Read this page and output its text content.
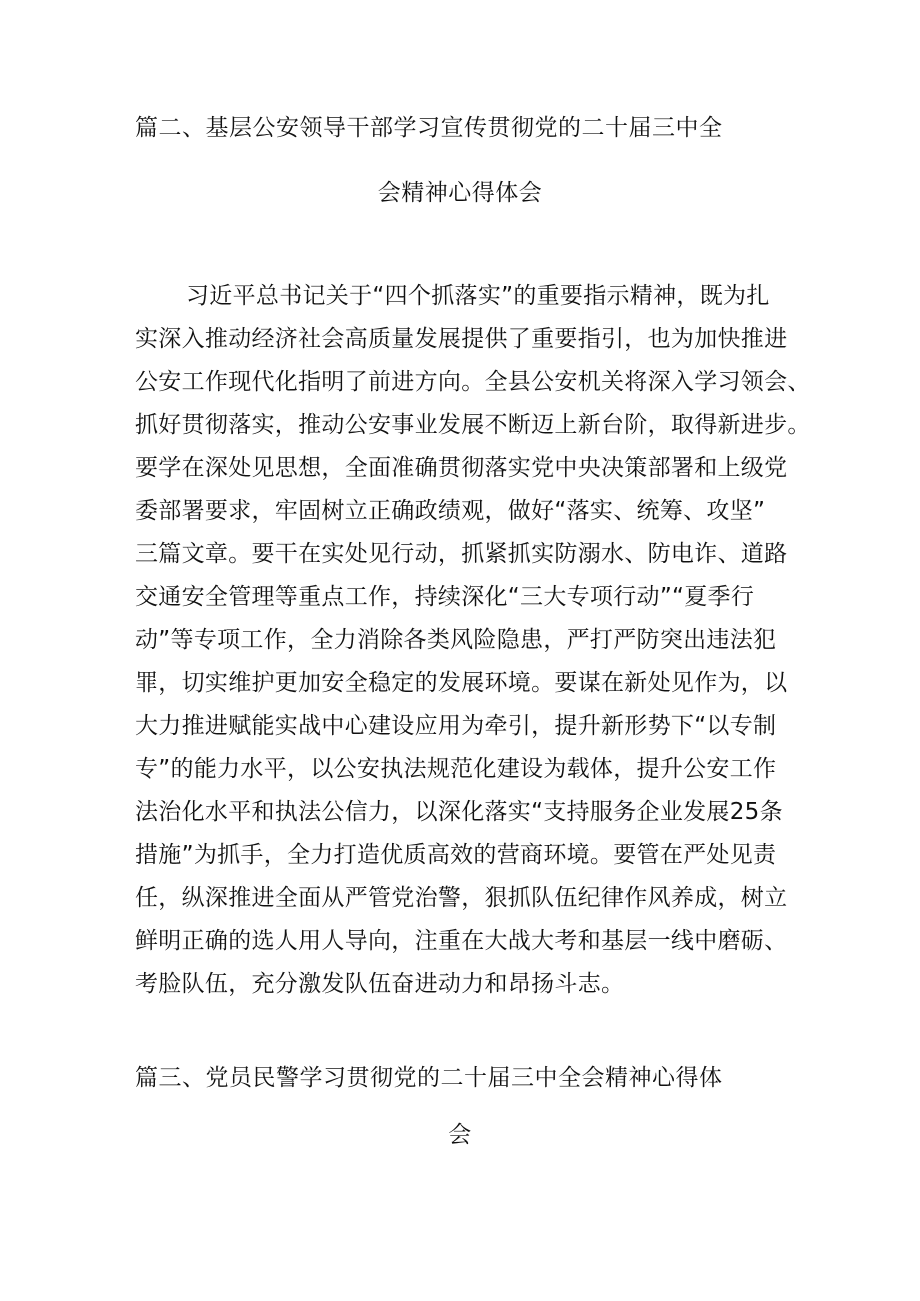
篇二、基层公安领导干部学习宣传贯彻党的二十届三中全
会精神心得体会
习近平总书记关于“四个抓落实”的重要指示精神，既为扎
实深入推动经济社会高质量发展提供了重要指引，也为加快推进
公安工作现代化指明了前进方向。全县公安机关将深入学习领会、
抓好贯彻落实，推动公安事业发展不断迈上新台阶，取得新进步。
要学在深处见思想，全面准确贯彻落实党中央决策部署和上级党
委部署要求，牢固树立正确政绩观，做好“落实、统筹、攻坚”
三篇文章。要干在实处见行动，抓紧抓实防溺水、防电诈、道路
交通安全管理等重点工作，持续深化“三大专项行动”“夏季行
动”等专项工作，全力消除各类风险隐患，严打严防突出违法犯
罪，切实维护更加安全稳定的发展环境。要谋在新处见作为，以
大力推进赋能实战中心建设应用为牵引，提升新形势下“以专制
专”的能力水平，以公安执法规范化建设为载体，提升公安工作
法治化水平和执法公信力，以深化落实“支持服务企业发展25条
措施”为抓手，全力打造优质高效的营商环境。要管在严处见责
任，纵深推进全面从严管党治警，狠抓队伍纪律作风养成，树立
鲜明正确的选人用人导向，注重在大战大考和基层一线中磨砺、
考脸队伍，充分激发队伍奋进动力和昂扬斗志。
篇三、党员民警学习贯彻党的二十届三中全会精神心得体
会
